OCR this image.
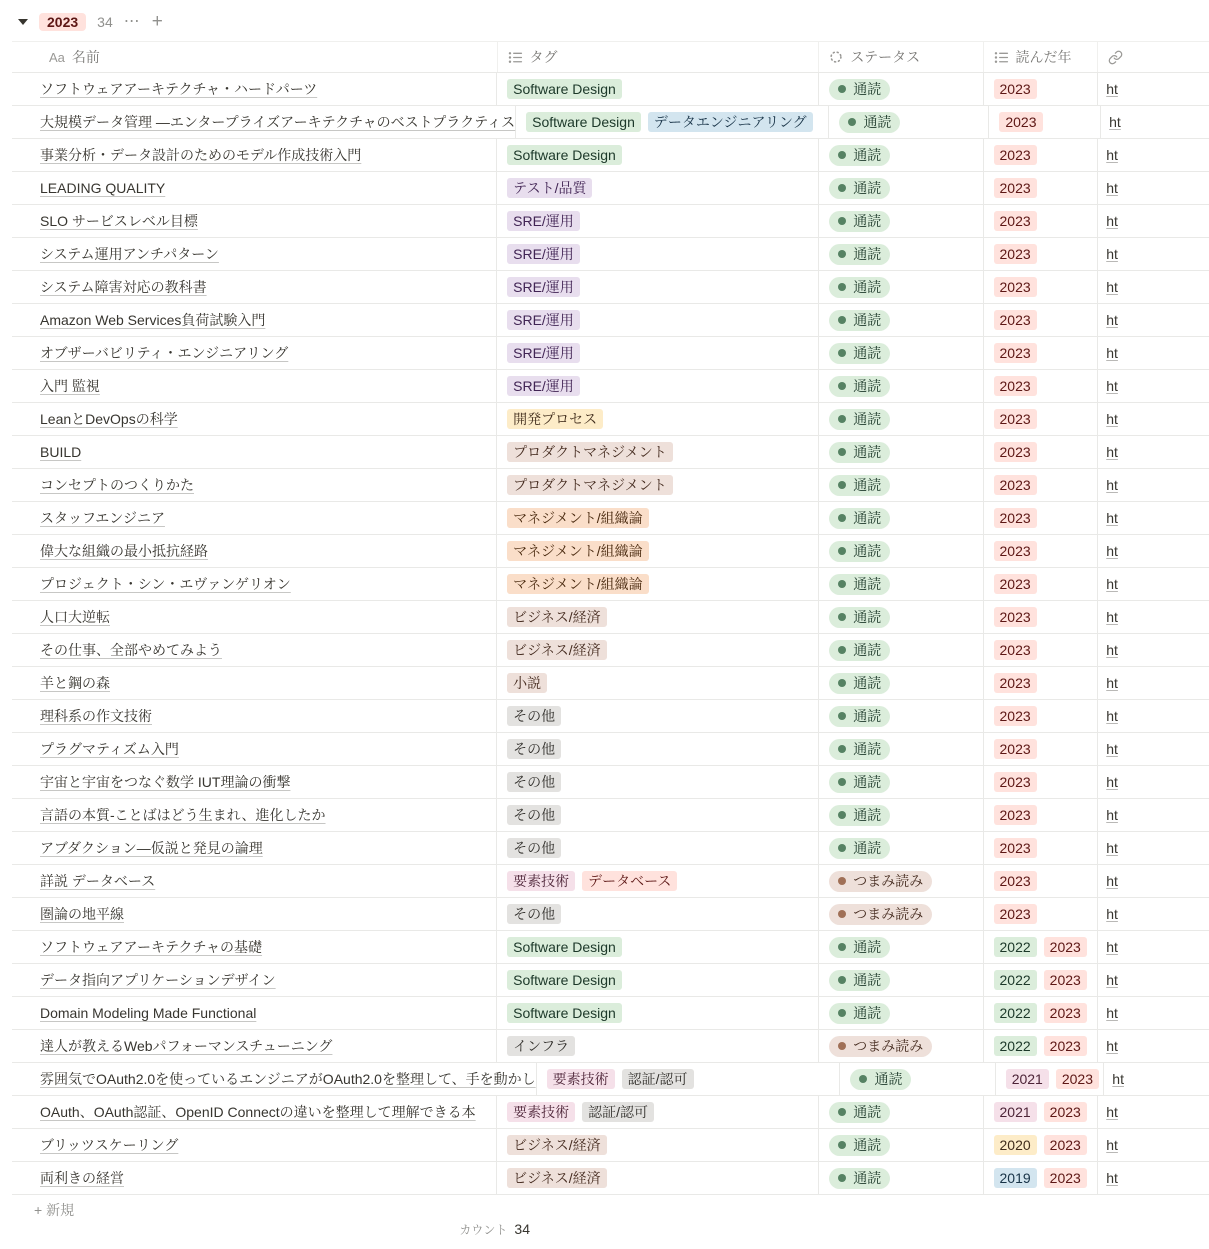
2023	34 ⋯ +
Aa 名前	タグ	ステータス	読んだ年
ソフトウェアアーキテクチャ・ハードパーツ	Software Design	通読	2023	ht
大規模データ管理 —エンタープライズアーキテクチャのベストプラクティス	Software Design	データエンジニアリング	通読	2023	ht
事業分析・データ設計のためのモデル作成技術入門	Software Design	通読	2023	ht
LEADING QUALITY	テスト/品質	通読	2023	ht
SLO サービスレベル目標	SRE/運用	通読	2023	ht
システム運用アンチパターン	SRE/運用	通読	2023	ht
システム障害対応の教科書	SRE/運用	通読	2023	ht
Amazon Web Services負荷試験入門	SRE/運用	通読	2023	ht
オブザーバビリティ・エンジニアリング	SRE/運用	通読	2023	ht
入門 監視	SRE/運用	通読	2023	ht
LeanとDevOpsの科学	開発プロセス	通読	2023	ht
BUILD	プロダクトマネジメント	通読	2023	ht
コンセプトのつくりかた	プロダクトマネジメント	通読	2023	ht
スタッフエンジニア	マネジメント/組織論	通読	2023	ht
偉大な組織の最小抵抗経路	マネジメント/組織論	通読	2023	ht
プロジェクト・シン・エヴァンゲリオン	マネジメント/組織論	通読	2023	ht
人口大逆転	ビジネス/経済	通読	2023	ht
その仕事、全部やめてみよう	ビジネス/経済	通読	2023	ht
羊と鋼の森	小説	通読	2023	ht
理科系の作文技術	その他	通読	2023	ht
プラグマティズム入門	その他	通読	2023	ht
宇宙と宇宙をつなぐ数学 IUT理論の衝撃	その他	通読	2023	ht
言語の本質-ことばはどう生まれ、進化したか	その他	通読	2023	ht
アブダクション—仮説と発見の論理	その他	通読	2023	ht
詳説 データベース	要素技術	データベース	つまみ読み	2023	ht
圏論の地平線	その他	つまみ読み	2023	ht
ソフトウェアアーキテクチャの基礎	Software Design	通読	2022	2023	ht
データ指向アプリケーションデザイン	Software Design	通読	2022	2023	ht
Domain Modeling Made Functional	Software Design	通読	2022	2023	ht
達人が教えるWebパフォーマンスチューニング	インフラ	つまみ読み	2022	2023	ht
雰囲気でOAuth2.0を使っているエンジニアがOAuth2.0を整理して、手を動かし	要素技術	認証/認可	通読	2021	2023	ht
OAuth、OAuth認証、OpenID Connectの違いを整理して理解できる本	要素技術	認証/認可	通読	2021	2023	ht
ブリッツスケーリング	ビジネス/経済	通読	2020	2023	ht
両利きの経営	ビジネス/経済	通読	2019	2023	ht
+ 新規
カウント 34
